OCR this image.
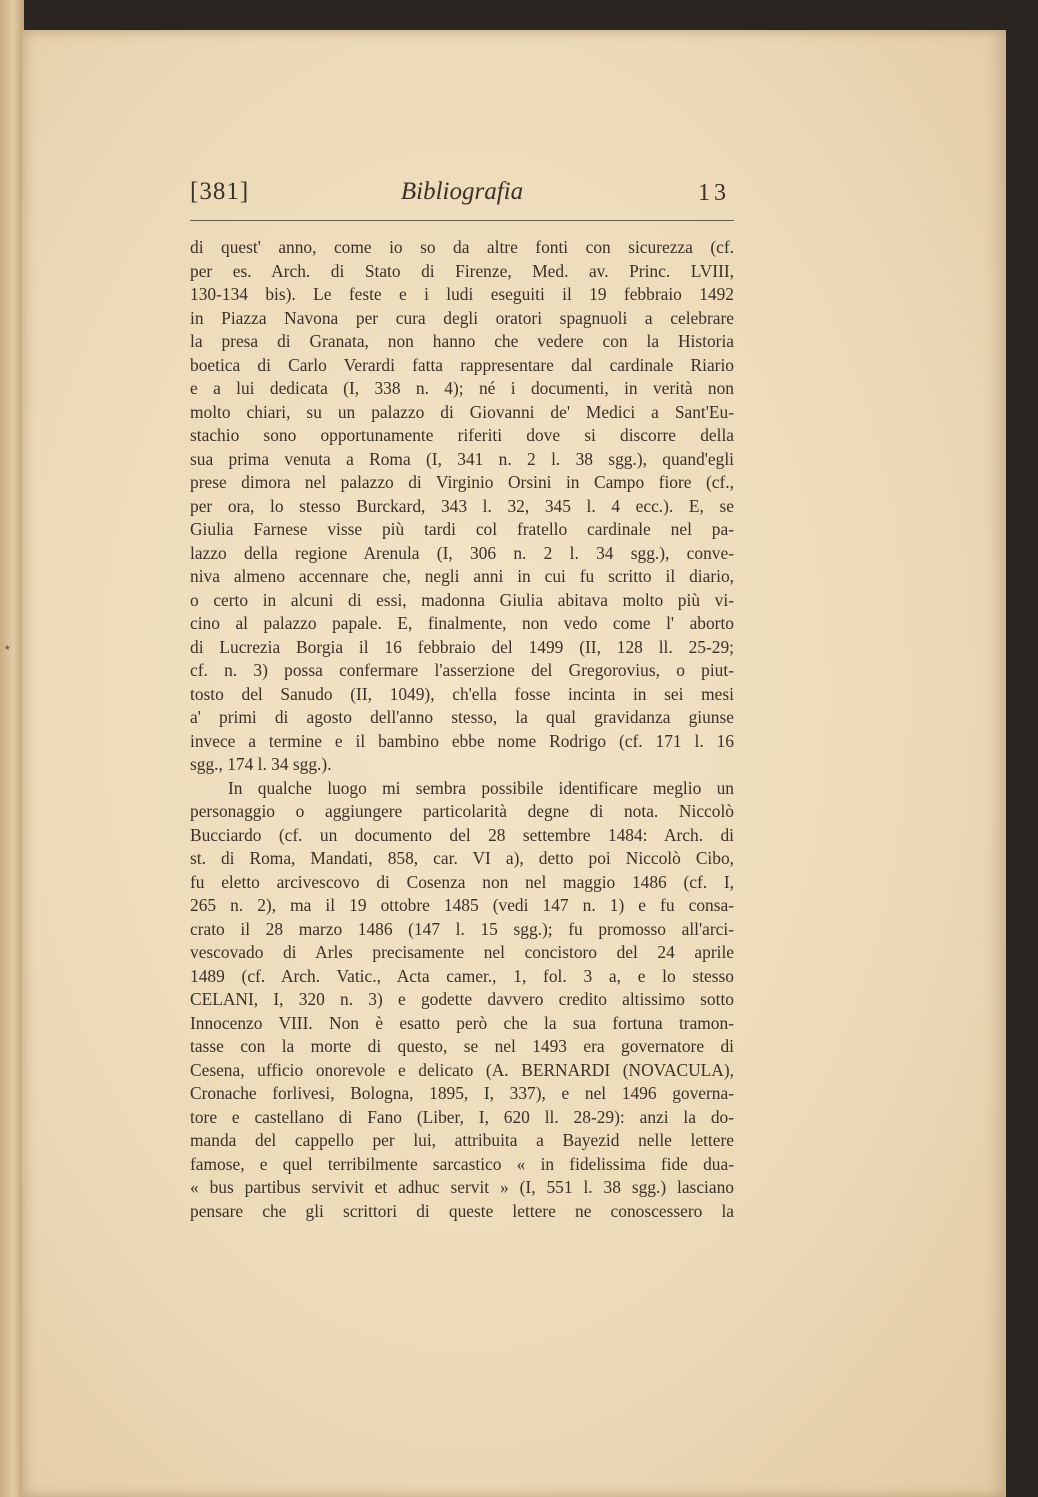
⋆
[381]	Bibliografia	13
di quest' anno, come io so da altre fonti con sicurezza (cf.
per es. Arch. di Stato di Firenze, Med. av. Princ. LVIII,
130-134 bis). Le feste e i ludi eseguiti il 19 febbraio 1492
in Piazza Navona per cura degli oratori spagnuoli a celebrare
la presa di Granata, non hanno che vedere con la Historia
boetica di Carlo Verardi fatta rappresentare dal cardinale Riario
e a lui dedicata (I, 338 n. 4); né i documenti, in verità non
molto chiari, su un palazzo di Giovanni de' Medici a Sant'Eu-
stachio sono opportunamente riferiti dove si discorre della
sua prima venuta a Roma (I, 341 n. 2 l. 38 sgg.), quand'egli
prese dimora nel palazzo di Virginio Orsini in Campo fiore (cf.,
per ora, lo stesso Burckard, 343 l. 32, 345 l. 4 ecc.). E, se
Giulia Farnese visse più tardi col fratello cardinale nel pa-
lazzo della regione Arenula (I, 306 n. 2 l. 34 sgg.), conve-
niva almeno accennare che, negli anni in cui fu scritto il diario,
o certo in alcuni di essi, madonna Giulia abitava molto più vi-
cino al palazzo papale. E, finalmente, non vedo come l' aborto
di Lucrezia Borgia il 16 febbraio del 1499 (II, 128 ll. 25-29;
cf. n. 3) possa confermare l'asserzione del Gregorovius, o piut-
tosto del Sanudo (II, 1049), ch'ella fosse incinta in sei mesi
a' primi di agosto dell'anno stesso, la qual gravidanza giunse
invece a termine e il bambino ebbe nome Rodrigo (cf. 171 l. 16
sgg., 174 l. 34 sgg.).
In qualche luogo mi sembra possibile identificare meglio un
personaggio o aggiungere particolarità degne di nota. Niccolò
Bucciardo (cf. un documento del 28 settembre 1484: Arch. di
st. di Roma, Mandati, 858, car. VI a), detto poi Niccolò Cibo,
fu eletto arcivescovo di Cosenza non nel maggio 1486 (cf. I,
265 n. 2), ma il 19 ottobre 1485 (vedi 147 n. 1) e fu consa-
crato il 28 marzo 1486 (147 l. 15 sgg.); fu promosso all'arci-
vescovado di Arles precisamente nel concistoro del 24 aprile
1489 (cf. Arch. Vatic., Acta camer., 1, fol. 3 a, e lo stesso
CELANI, I, 320 n. 3) e godette davvero credito altissimo sotto
Innocenzo VIII. Non è esatto però che la sua fortuna tramon-
tasse con la morte di questo, se nel 1493 era governatore di
Cesena, ufficio onorevole e delicato (A. BERNARDI (NOVACULA),
Cronache forlivesi, Bologna, 1895, I, 337), e nel 1496 governa-
tore e castellano di Fano (Liber, I, 620 ll. 28-29): anzi la do-
manda del cappello per lui, attribuita a Bayezid nelle lettere
famose, e quel terribilmente sarcastico « in fidelissima fide dua-
« bus partibus servivit et adhuc servit » (I, 551 l. 38 sgg.) lasciano
pensare che gli scrittori di queste lettere ne conoscessero la
